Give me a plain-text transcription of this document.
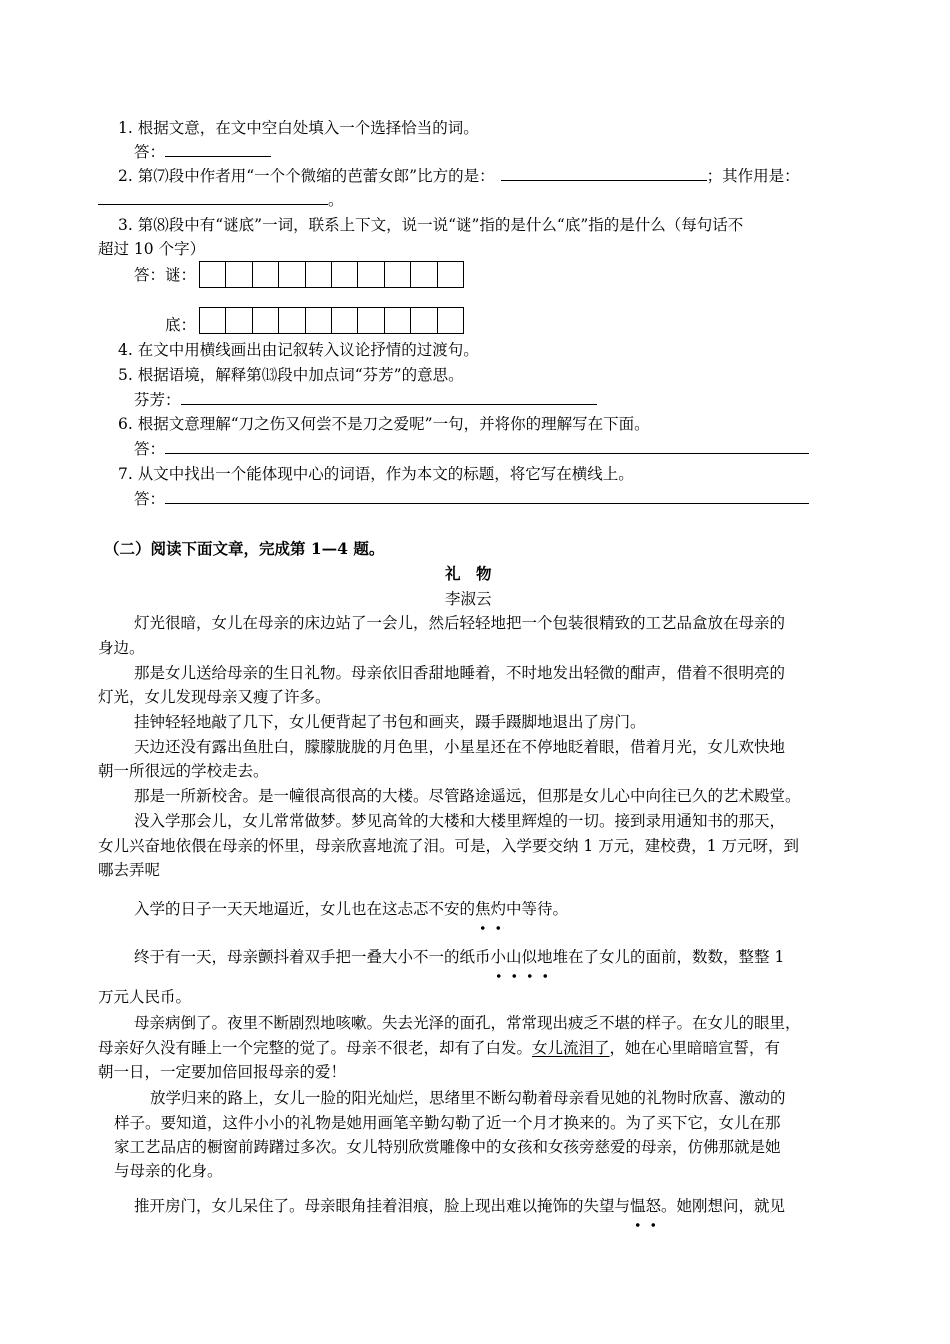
1. 根据文意，在文中空白处填入一个选择恰当的词。
答：
2. 第⑺段中作者用“一个个微缩的芭蕾女郎”比方的是：	；其作用是：
。
3. 第⑻段中有“谜底”一词，联系上下文，说一说“谜”指的是什么“底”指的是什么（每句话不
超过 10 个字）
答：谜：
底：
4. 在文中用横线画出由记叙转入议论抒情的过渡句。
5. 根据语境，解释第⒀段中加点词“芬芳”的意思。
芬芳：
6. 根据文意理解“刀之伤又何尝不是刀之爱呢”一句，并将你的理解写在下面。
答：
7. 从文中找出一个能体现中心的词语，作为本文的标题，将它写在横线上。
答：
（二）阅读下面文章，完成第 1—4 题。
礼　物
李淑云
灯光很暗，女儿在母亲的床边站了一会儿，然后轻轻地把一个包装很精致的工艺品盒放在母亲的
身边。
那是女儿送给母亲的生日礼物。母亲依旧香甜地睡着，不时地发出轻微的酣声，借着不很明亮的
灯光，女儿发现母亲又瘦了许多。
挂钟轻轻地敲了几下，女儿便背起了书包和画夹，蹑手蹑脚地退出了房门。
天边还没有露出鱼肚白，朦朦胧胧的月色里，小星星还在不停地眨着眼，借着月光，女儿欢快地
朝一所很远的学校走去。
那是一所新校舍。是一幢很高很高的大楼。尽管路途遥远，但那是女儿心中向往已久的艺术殿堂。
没入学那会儿，女儿常常做梦。梦见高耸的大楼和大楼里辉煌的一切。接到录用通知书的那天，
女儿兴奋地依偎在母亲的怀里，母亲欣喜地流了泪。可是，入学要交纳 1 万元，建校费，1 万元呀，到
哪去弄呢
入学的日子一天天地逼近，女儿也在这忐忑不安的焦灼中等待。
终于有一天，母亲颤抖着双手把一叠大小不一的纸币小山似地堆在了女儿的面前，数数，整整 1
万元人民币。
母亲病倒了。夜里不断剧烈地咳嗽。失去光泽的面孔，常常现出疲乏不堪的样子。在女儿的眼里，
母亲好久没有睡上一个完整的觉了。母亲不很老，却有了白发。女儿流泪了，她在心里暗暗宣誓，有
朝一日，一定要加倍回报母亲的爱！
放学归来的路上，女儿一脸的阳光灿烂，思绪里不断勾勒着母亲看见她的礼物时欣喜、激动的
样子。要知道，这件小小的礼物是她用画笔辛勤勾勒了近一个月才换来的。为了买下它，女儿在那
家工艺品店的橱窗前踌躇过多次。女儿特别欣赏雕像中的女孩和女孩旁慈爱的母亲，仿佛那就是她
与母亲的化身。
推开房门，女儿呆住了。母亲眼角挂着泪痕，脸上现出难以掩饰的失望与愠怒。她刚想问，就见
